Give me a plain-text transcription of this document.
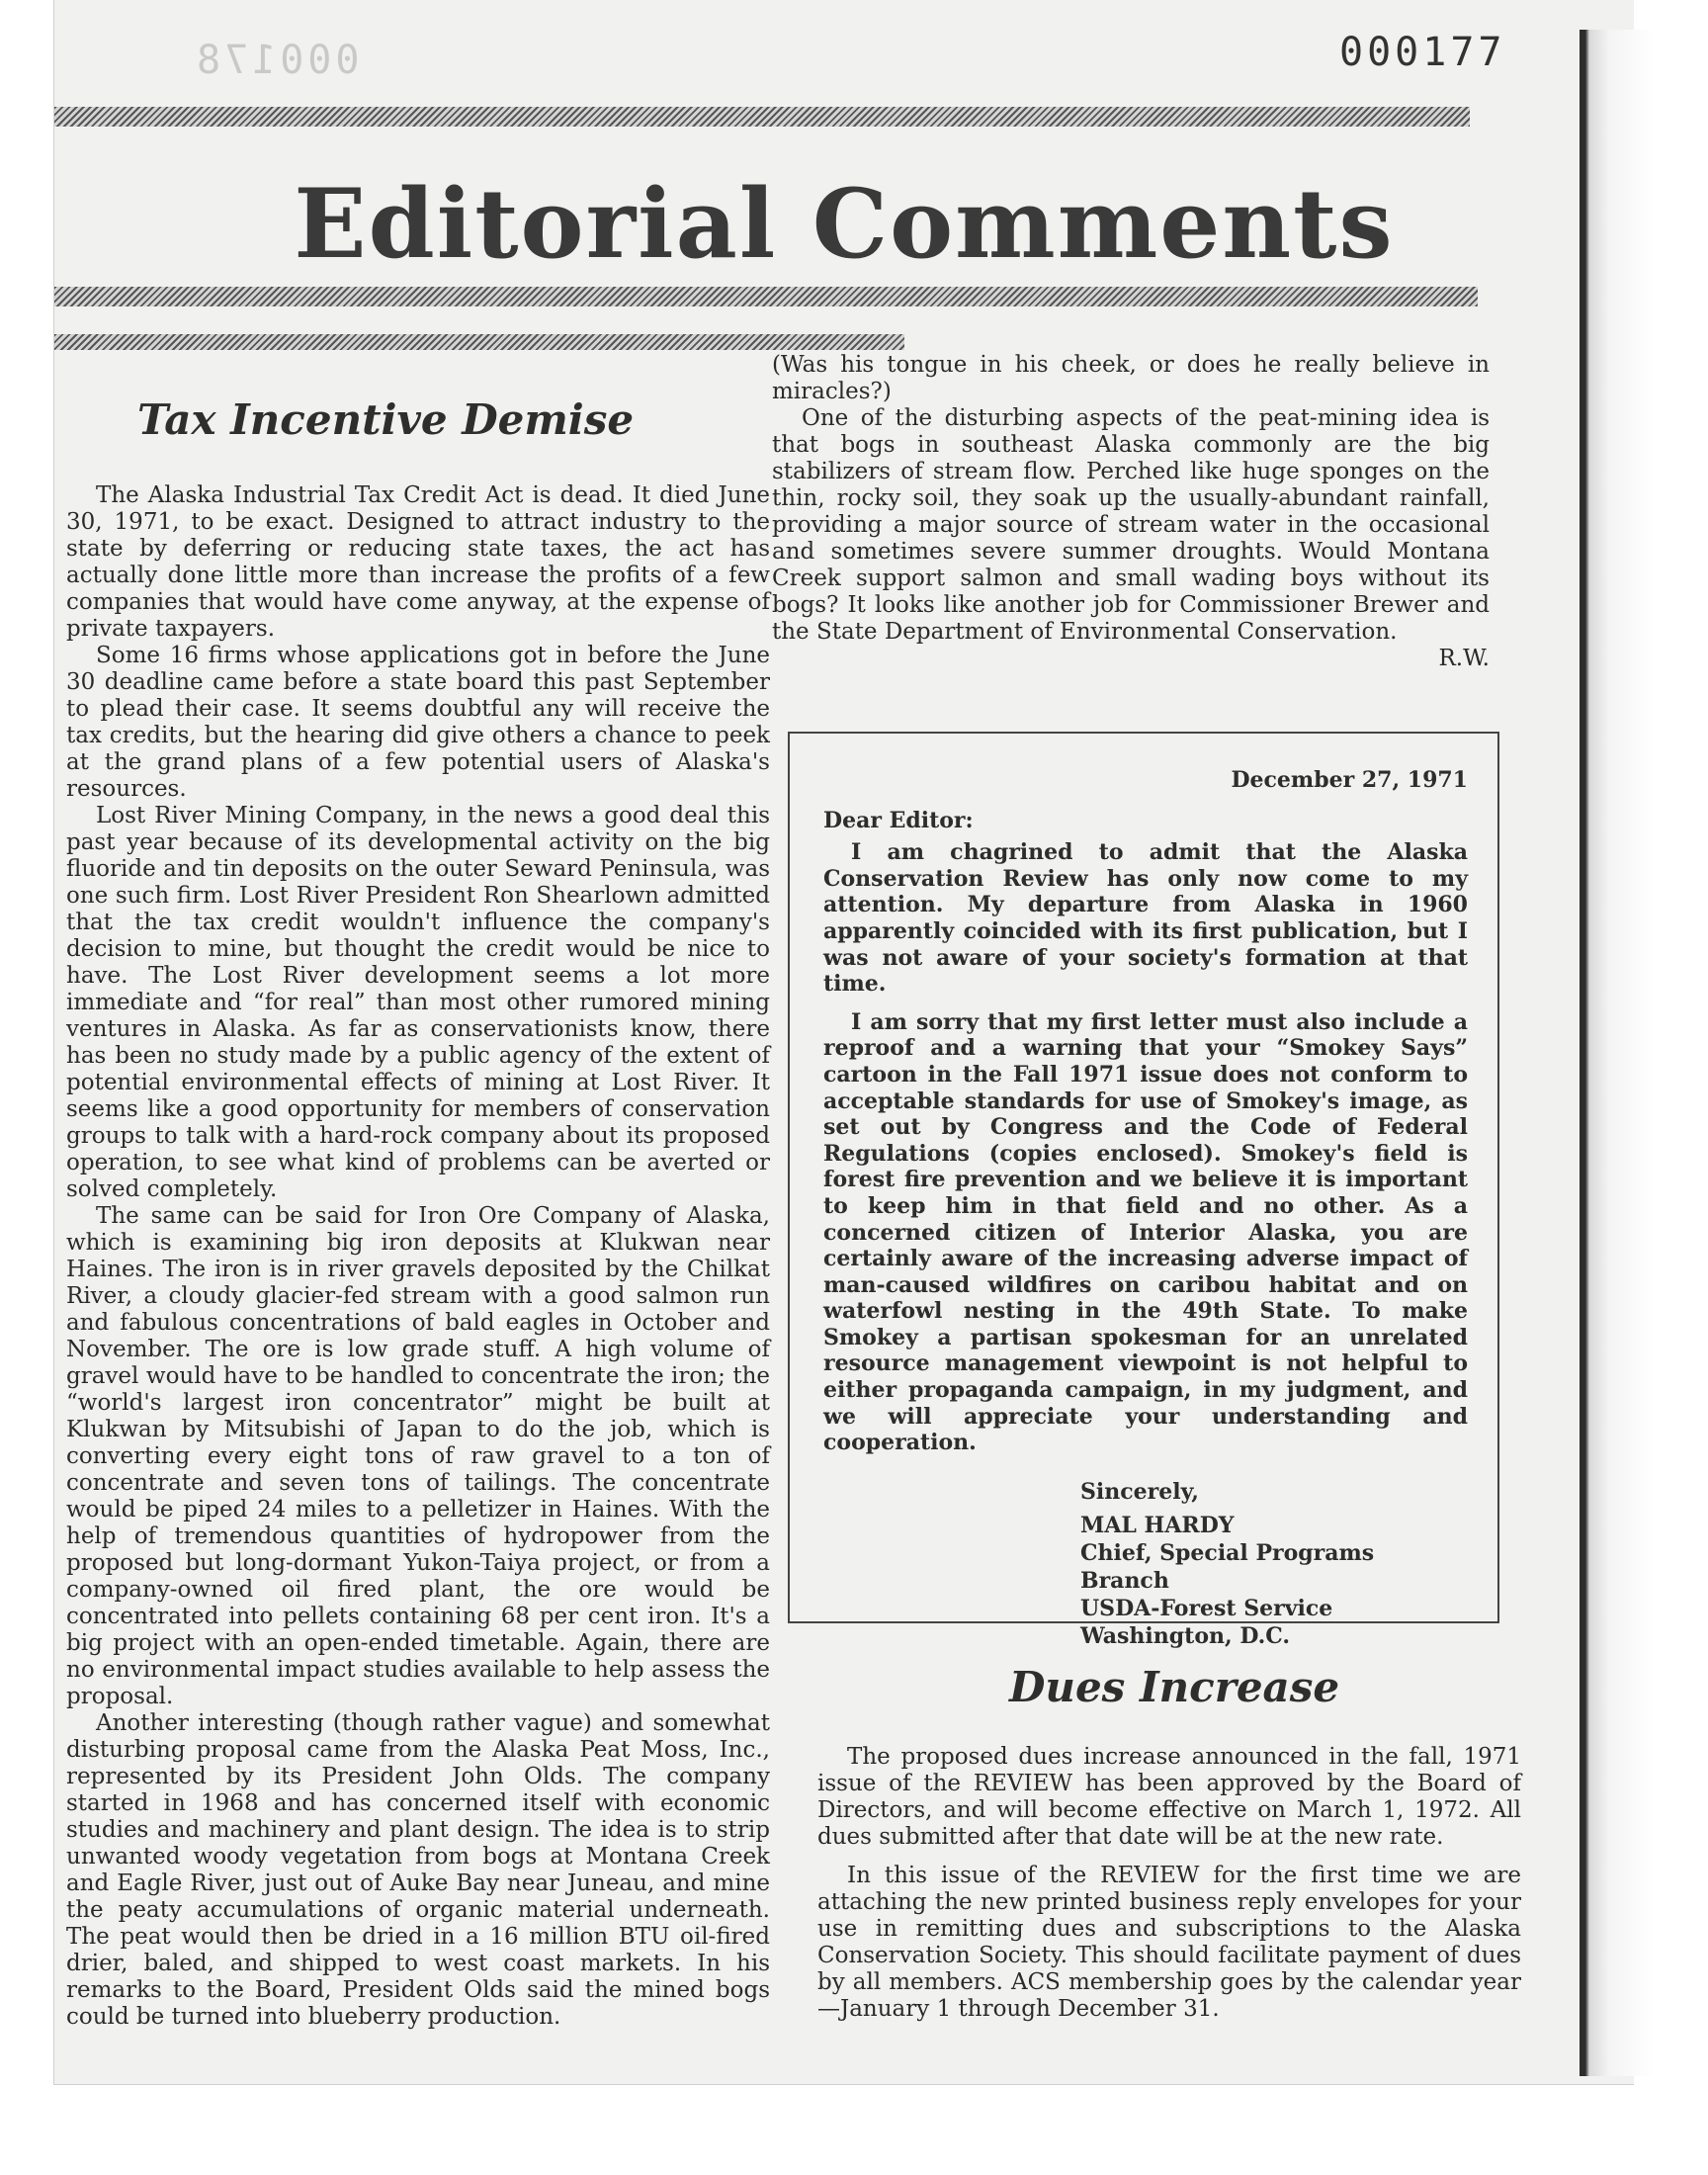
000178	000177
Editorial Comments
Tax Incentive Demise

The Alaska Industrial Tax Credit Act is dead. It died June 30, 1971, to be exact. Designed to attract industry to the state by deferring or reducing state taxes, the act has actually done little more than increase the profits of a few companies that would have come anyway, at the expense of private taxpayers.

Some 16 firms whose applications got in before the June 30 deadline came before a state board this past September to plead their case. It seems doubtful any will receive the tax credits, but the hearing did give others a chance to peek at the grand plans of a few potential users of Alaska's resources.

Lost River Mining Company, in the news a good deal this past year because of its developmental activity on the big fluoride and tin deposits on the outer Seward Peninsula, was one such firm. Lost River President Ron Shearlown admitted that the tax credit wouldn't influence the company's decision to mine, but thought the credit would be nice to have. The Lost River development seems a lot more immediate and “for real” than most other rumored mining ventures in Alaska. As far as conservationists know, there has been no study made by a public agency of the extent of potential environmental effects of mining at Lost River. It seems like a good opportunity for members of conservation groups to talk with a hard-rock company about its proposed operation, to see what kind of problems can be averted or solved completely.

The same can be said for Iron Ore Company of Alaska, which is examining big iron deposits at Klukwan near Haines. The iron is in river gravels deposited by the Chilkat River, a cloudy glacier-fed stream with a good salmon run and fabulous concentrations of bald eagles in October and November. The ore is low grade stuff. A high volume of gravel would have to be handled to concentrate the iron; the “world's largest iron concentrator” might be built at Klukwan by Mitsubishi of Japan to do the job, which is converting every eight tons of raw gravel to a ton of concentrate and seven tons of tailings. The concentrate would be piped 24 miles to a pelletizer in Haines. With the help of tremendous quantities of hydropower from the proposed but long-dormant Yukon-Taiya project, or from a company-owned oil fired plant, the ore would be concentrated into pellets containing 68 per cent iron. It's a big project with an open-ended timetable. Again, there are no environmental impact studies available to help assess the proposal.

Another interesting (though rather vague) and somewhat disturbing proposal came from the Alaska Peat Moss, Inc., represented by its President John Olds. The company started in 1968 and has concerned itself with economic studies and machinery and plant design. The idea is to strip unwanted woody vegetation from bogs at Montana Creek and Eagle River, just out of Auke Bay near Juneau, and mine the peaty accumulations of organic material underneath. The peat would then be dried in a 16 million BTU oil-fired drier, baled, and shipped to west coast markets. In his remarks to the Board, President Olds said the mined bogs could be turned into blueberry production.

(Was his tongue in his cheek, or does he really believe in miracles?)

One of the disturbing aspects of the peat-mining idea is that bogs in southeast Alaska commonly are the big stabilizers of stream flow. Perched like huge sponges on the thin, rocky soil, they soak up the usually-abundant rainfall, providing a major source of stream water in the occasional and sometimes severe summer droughts. Would Montana Creek support salmon and small wading boys without its bogs? It looks like another job for Commissioner Brewer and the State Department of Environmental Conservation.

R.W.

December 27, 1971

Dear Editor:

I am chagrined to admit that the Alaska Conservation Review has only now come to my attention. My departure from Alaska in 1960 apparently coincided with its first publication, but I was not aware of your society's formation at that time.

I am sorry that my first letter must also include a reproof and a warning that your “Smokey Says” cartoon in the Fall 1971 issue does not conform to acceptable standards for use of Smokey's image, as set out by Congress and the Code of Federal Regulations (copies enclosed). Smokey's field is forest fire prevention and we believe it is important to keep him in that field and no other. As a concerned citizen of Interior Alaska, you are certainly aware of the increasing adverse impact of man-caused wildfires on caribou habitat and on waterfowl nesting in the 49th State. To make Smokey a partisan spokesman for an unrelated resource management viewpoint is not helpful to either propaganda campaign, in my judgment, and we will appreciate your understanding and cooperation.

Sincerely,
MAL HARDY
Chief, Special Programs Branch
USDA-Forest Service
Washington, D.C.
Dues Increase

The proposed dues increase announced in the fall, 1971 issue of the REVIEW has been approved by the Board of Directors, and will become effective on March 1, 1972. All dues submitted after that date will be at the new rate.

In this issue of the REVIEW for the first time we are attaching the new printed business reply envelopes for your use in remitting dues and subscriptions to the Alaska Conservation Society. This should facilitate payment of dues by all members. ACS membership goes by the calendar year—January 1 through December 31.
